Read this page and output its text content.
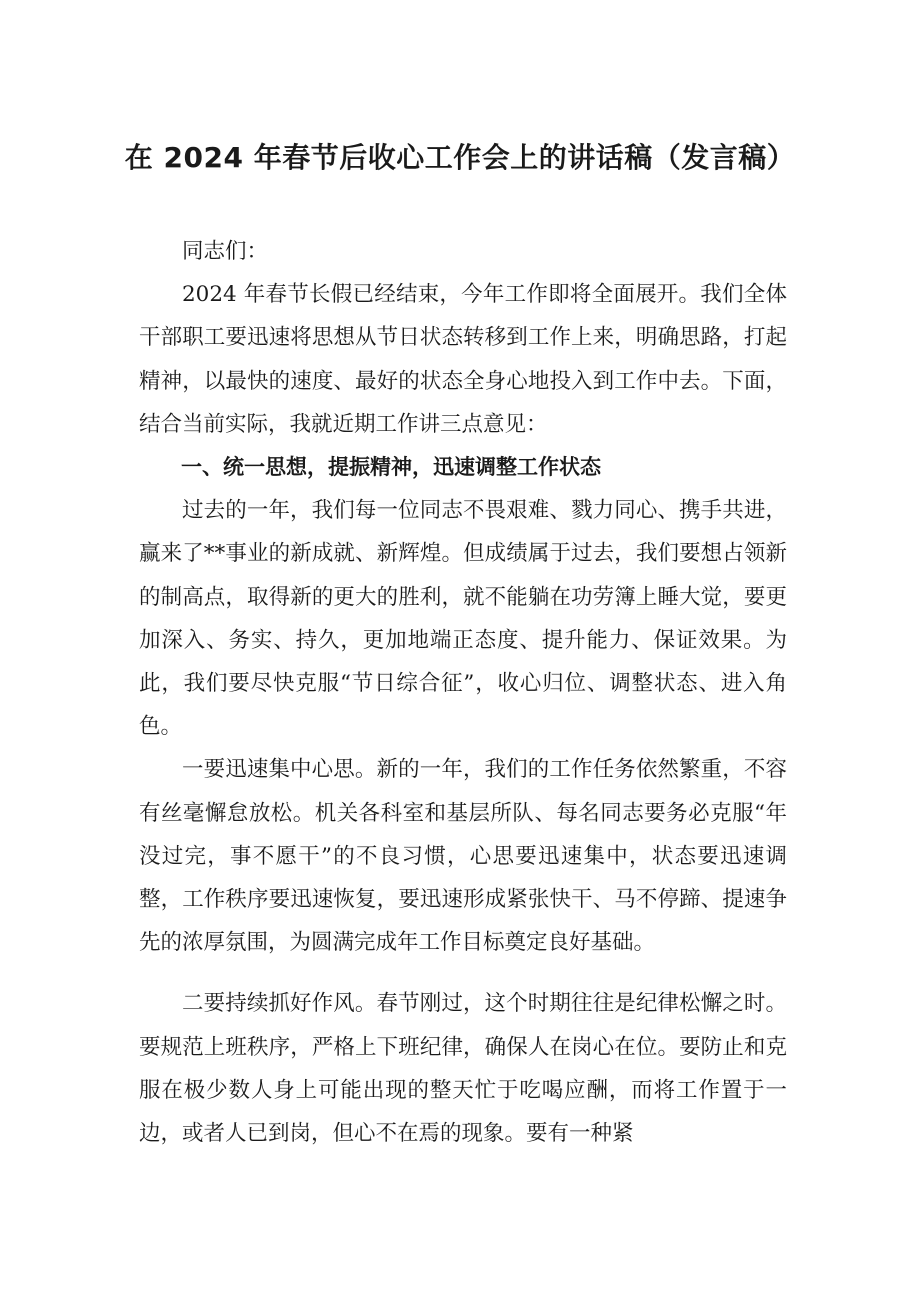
在 2024 年春节后收心工作会上的讲话稿（发言稿）

同志们：

2024 年春节长假已经结束，今年工作即将全面展开。我们全体干部职工要迅速将思想从节日状态转移到工作上来，明确思路，打起精神，以最快的速度、最好的状态全身心地投入到工作中去。下面，结合当前实际，我就近期工作讲三点意见：

一、统一思想，提振精神，迅速调整工作状态

过去的一年，我们每一位同志不畏艰难、戮力同心、携手共进，赢来了**事业的新成就、新辉煌。但成绩属于过去，我们要想占领新的制高点，取得新的更大的胜利，就不能躺在功劳簿上睡大觉，要更加深入、务实、持久，更加地端正态度、提升能力、保证效果。为此，我们要尽快克服“节日综合征”，收心归位、调整状态、进入角色。

一要迅速集中心思。新的一年，我们的工作任务依然繁重，不容有丝毫懈怠放松。机关各科室和基层所队、每名同志要务必克服“年没过完，事不愿干”的不良习惯，心思要迅速集中，状态要迅速调整，工作秩序要迅速恢复，要迅速形成紧张快干、马不停蹄、提速争先的浓厚氛围，为圆满完成年工作目标奠定良好基础。

二要持续抓好作风。春节刚过，这个时期往往是纪律松懈之时。要规范上班秩序，严格上下班纪律，确保人在岗心在位。要防止和克服在极少数人身上可能出现的整天忙于吃喝应酬，而将工作置于一边，或者人已到岗，但心不在焉的现象。要有一种紧
